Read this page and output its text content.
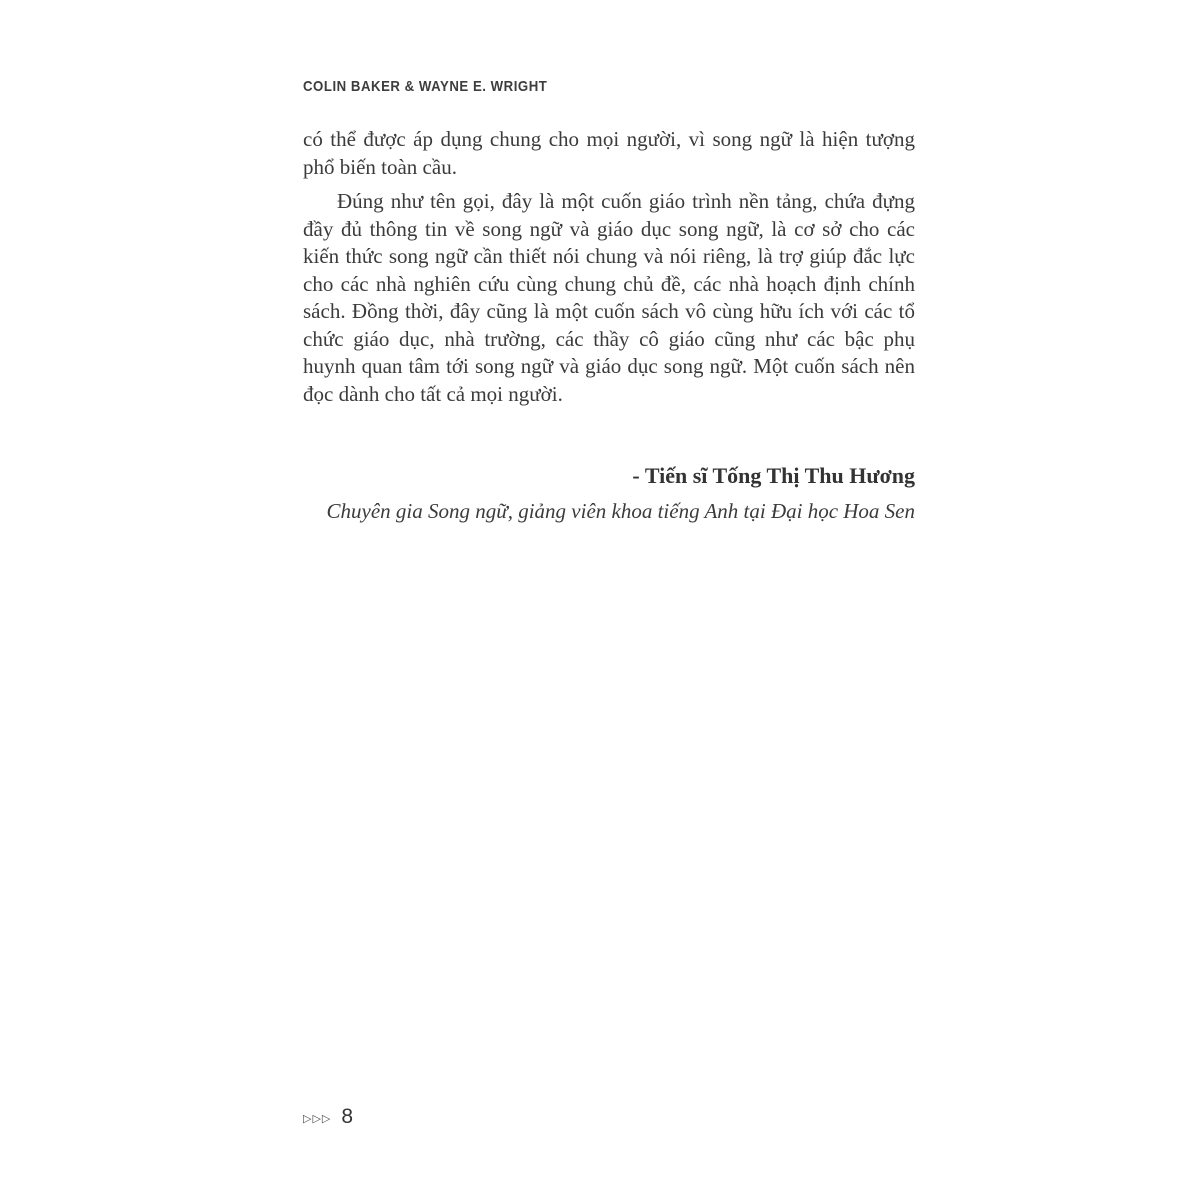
COLIN BAKER & WAYNE E. WRIGHT

có thể được áp dụng chung cho mọi người, vì song ngữ là hiện tượng phổ biến toàn cầu.

Đúng như tên gọi, đây là một cuốn giáo trình nền tảng, chứa đựng đầy đủ thông tin về song ngữ và giáo dục song ngữ, là cơ sở cho các kiến thức song ngữ cần thiết nói chung và nói riêng, là trợ giúp đắc lực cho các nhà nghiên cứu cùng chung chủ đề, các nhà hoạch định chính sách. Đồng thời, đây cũng là một cuốn sách vô cùng hữu ích với các tổ chức giáo dục, nhà trường, các thầy cô giáo cũng như các bậc phụ huynh quan tâm tới song ngữ và giáo dục song ngữ. Một cuốn sách nên đọc dành cho tất cả mọi người.

- Tiến sĩ Tống Thị Thu Hương

Chuyên gia Song ngữ, giảng viên khoa tiếng Anh tại Đại học Hoa Sen

▷▷▷ 8
